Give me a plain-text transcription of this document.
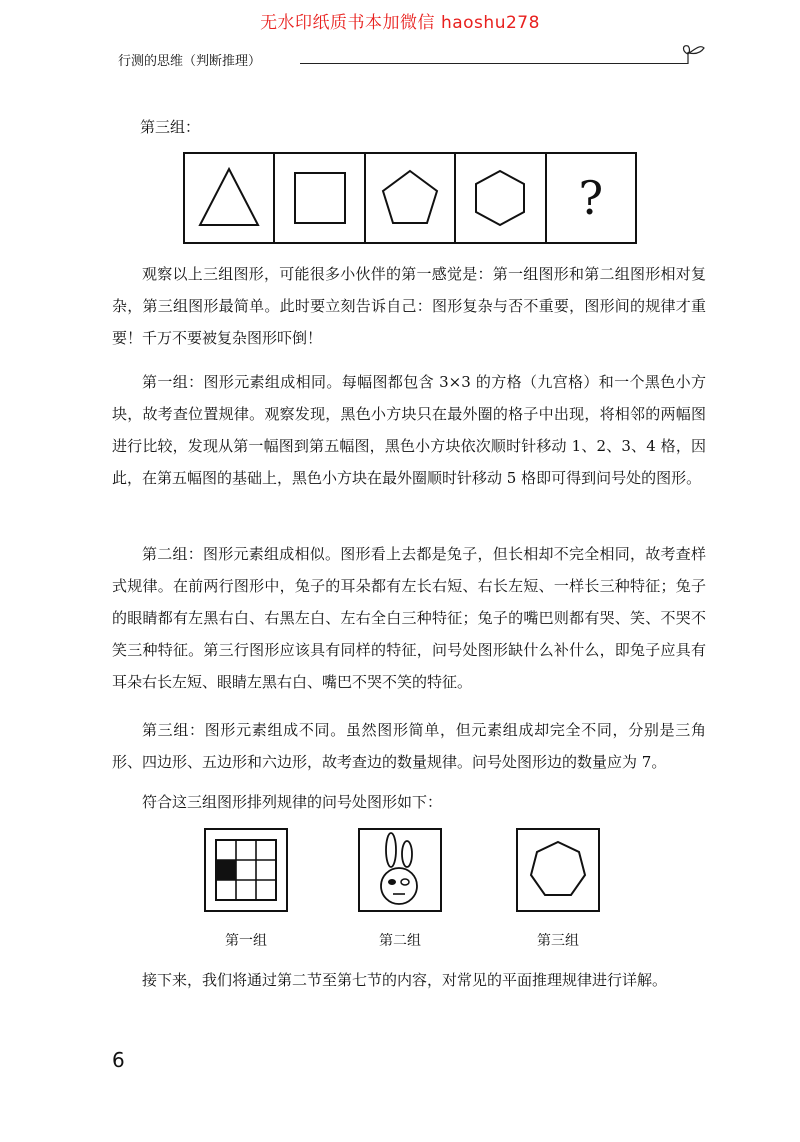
无水印纸质书本加微信 haoshu278
行测的思维（判断推理）
第三组：
?

观察以上三组图形，可能很多小伙伴的第一感觉是：第一组图形和第二组图形相对复杂，第三组图形最简单。此时要立刻告诉自己：图形复杂与否不重要，图形间的规律才重要！千万不要被复杂图形吓倒！

第一组：图形元素组成相同。每幅图都包含 3×3 的方格（九宫格）和一个黑色小方块，故考查位置规律。观察发现，黑色小方块只在最外圈的格子中出现，将相邻的两幅图进行比较，发现从第一幅图到第五幅图，黑色小方块依次顺时针移动 1、2、3、4 格，因此，在第五幅图的基础上，黑色小方块在最外圈顺时针移动 5 格即可得到问号处的图形。

第二组：图形元素组成相似。图形看上去都是兔子，但长相却不完全相同，故考查样式规律。在前两行图形中，兔子的耳朵都有左长右短、右长左短、一样长三种特征；兔子的眼睛都有左黑右白、右黑左白、左右全白三种特征；兔子的嘴巴则都有哭、笑、不哭不笑三种特征。第三行图形应该具有同样的特征，问号处图形缺什么补什么，即兔子应具有耳朵右长左短、眼睛左黑右白、嘴巴不哭不笑的特征。

第三组：图形元素组成不同。虽然图形简单，但元素组成却完全不同，分别是三角形、四边形、五边形和六边形，故考查边的数量规律。问号处图形边的数量应为 7。

符合这三组图形排列规律的问号处图形如下：

第一组	第二组	第三组

接下来，我们将通过第二节至第七节的内容，对常见的平面推理规律进行详解。

6
